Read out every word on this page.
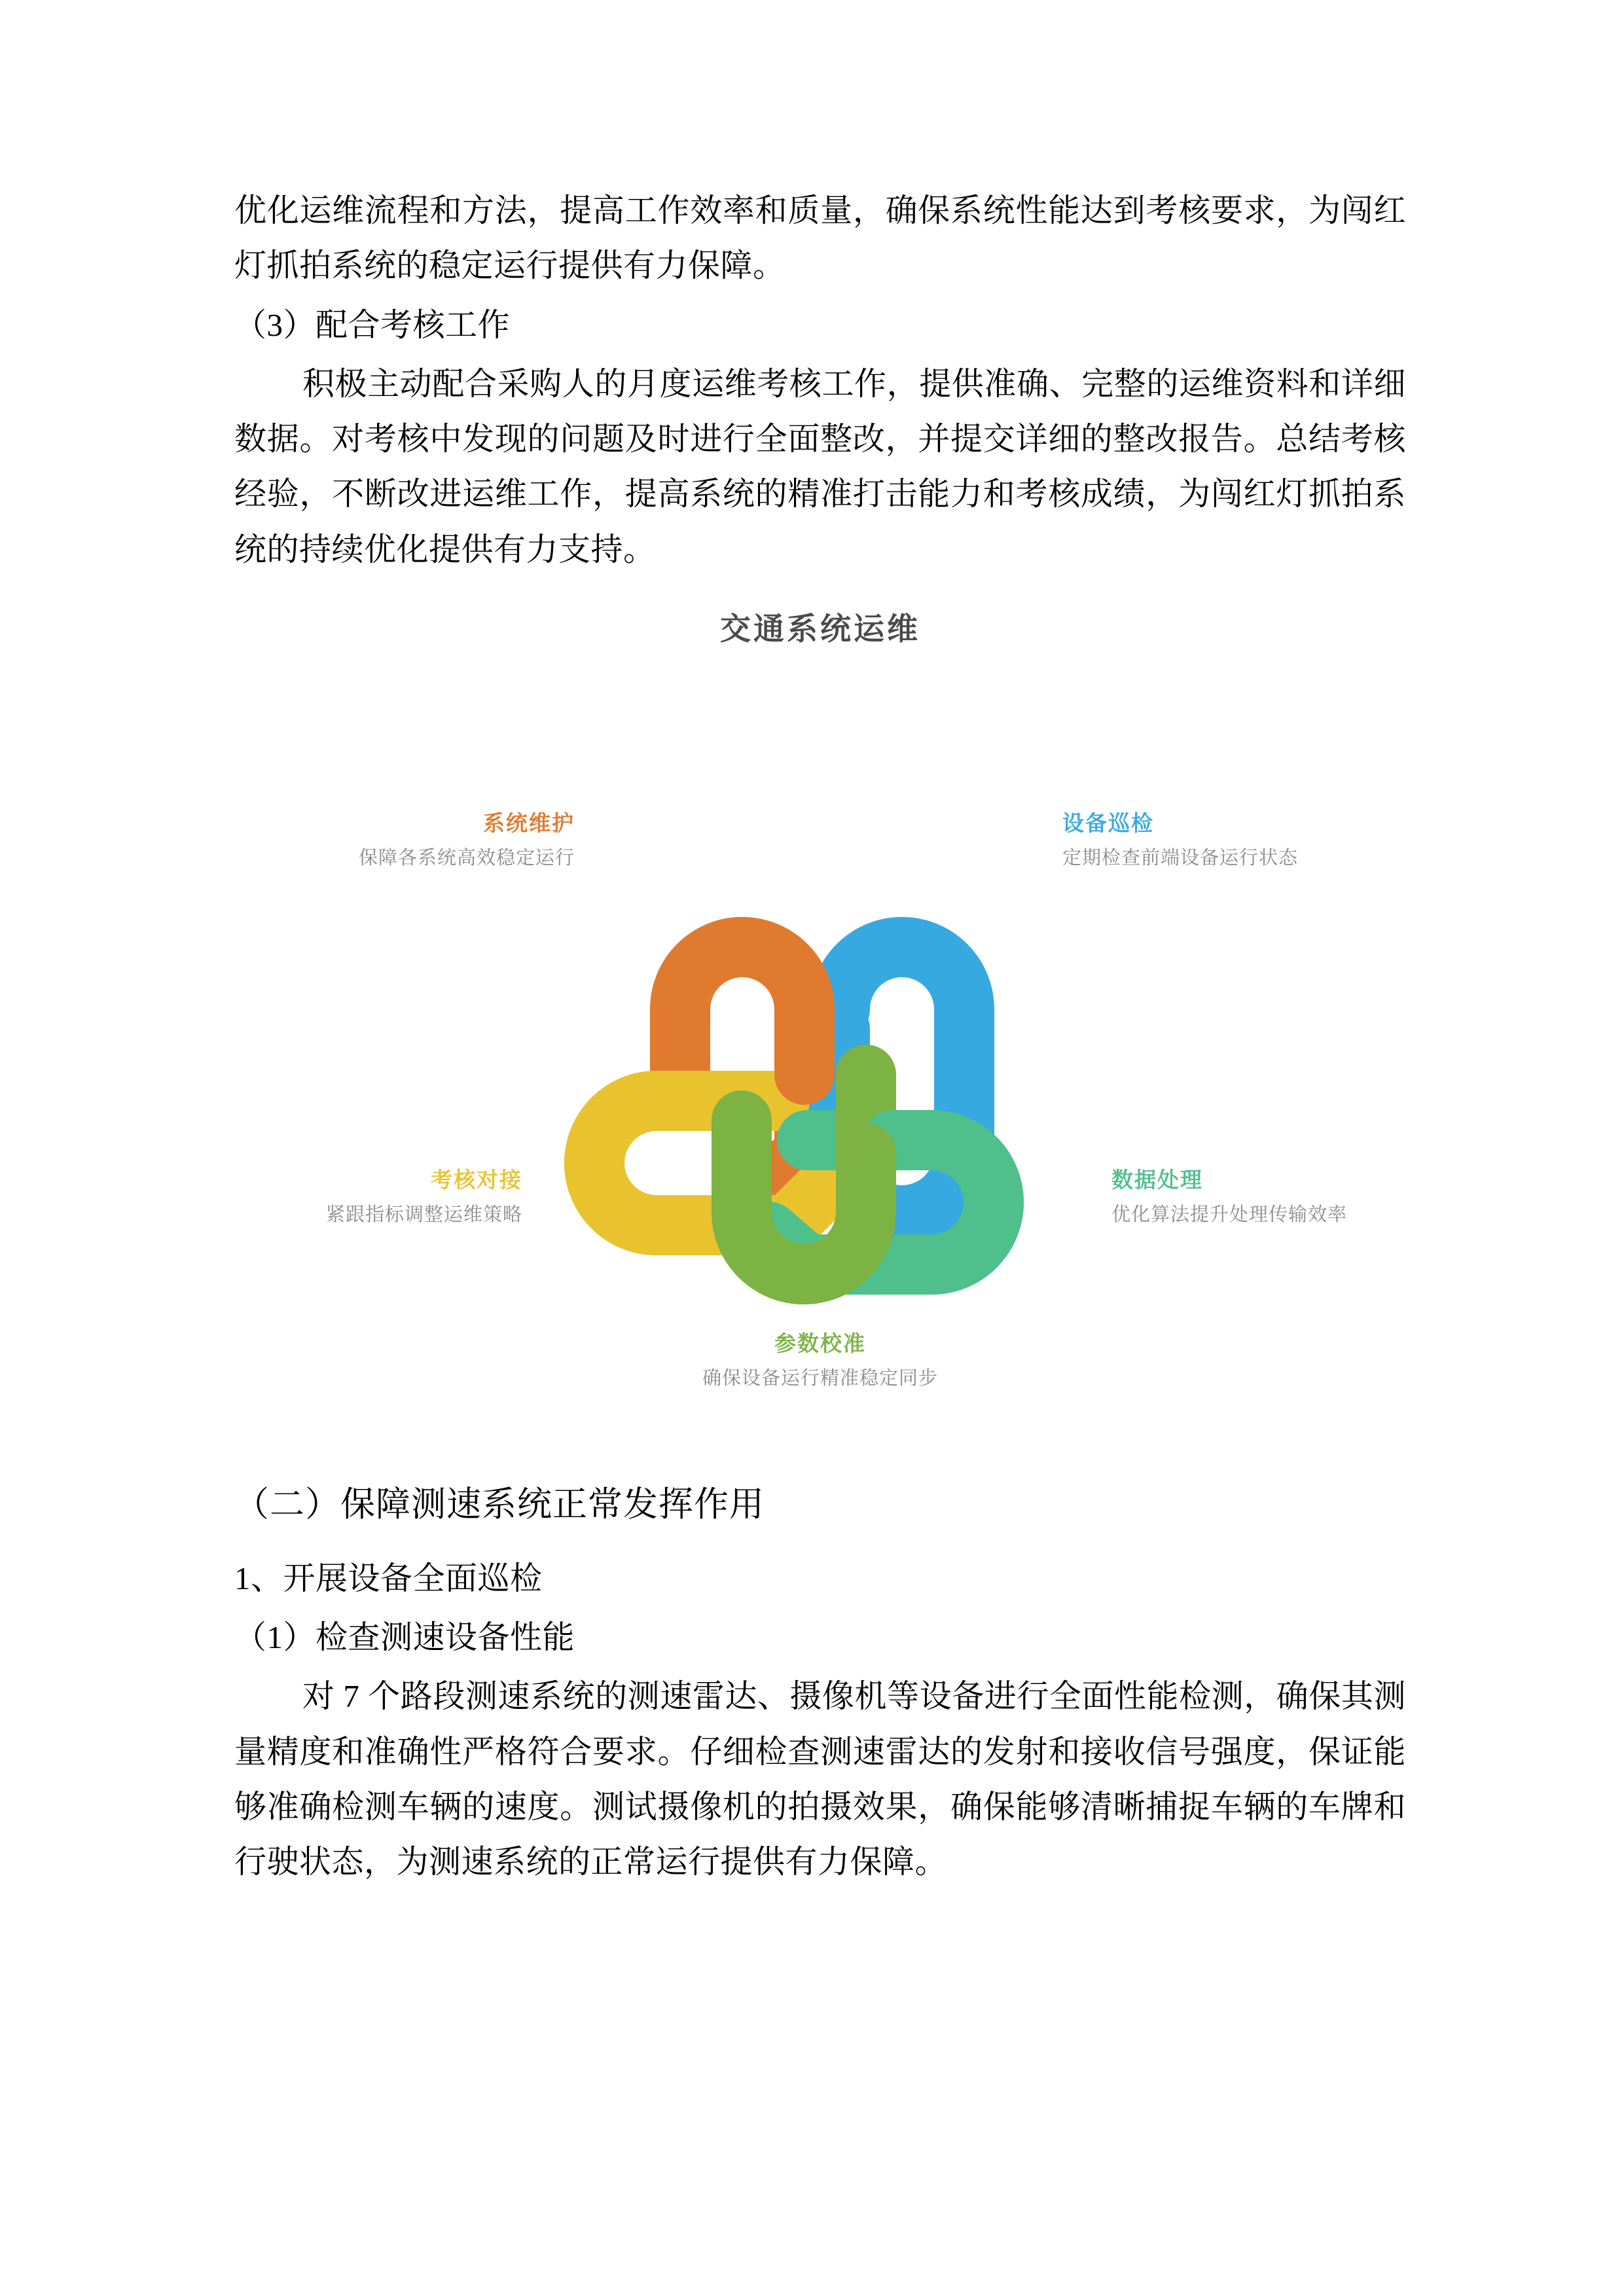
优化运维流程和方法，提高工作效率和质量，确保系统性能达到考核要求，为闯红灯抓拍系统的稳定运行提供有力保障。

（3）配合考核工作

积极主动配合采购人的月度运维考核工作，提供准确、完整的运维资料和详细数据。对考核中发现的问题及时进行全面整改，并提交详细的整改报告。总结考核经验，不断改进运维工作，提高系统的精准打击能力和考核成绩，为闯红灯抓拍系统的持续优化提供有力支持。

交通系统运维
系统维护
保障各系统高效稳定运行
设备巡检
定期检查前端设备运行状态
考核对接
紧跟指标调整运维策略
数据处理
优化算法提升处理传输效率
参数校准
确保设备运行精准稳定同步
（二）保障测速系统正常发挥作用

1、开展设备全面巡检

（1）检查测速设备性能

对 7 个路段测速系统的测速雷达、摄像机等设备进行全面性能检测，确保其测量精度和准确性严格符合要求。仔细检查测速雷达的发射和接收信号强度，保证能够准确检测车辆的速度。测试摄像机的拍摄效果，确保能够清晰捕捉车辆的车牌和行驶状态，为测速系统的正常运行提供有力保障。
